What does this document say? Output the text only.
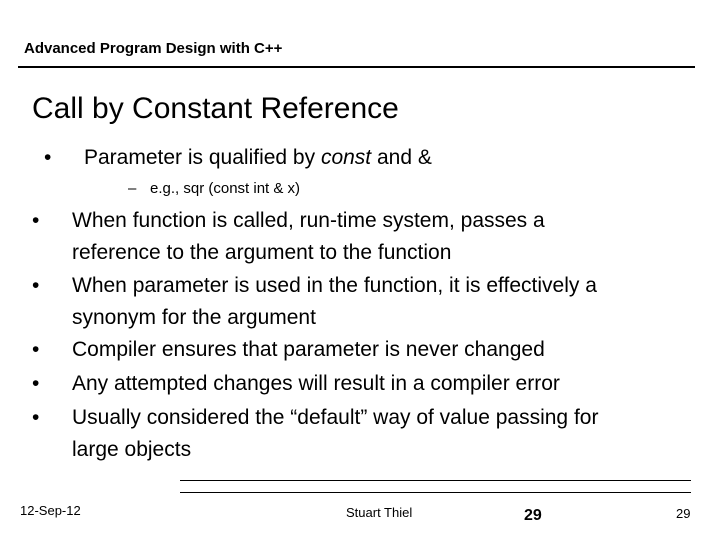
Advanced Program Design with C++
Call by Constant Reference
• Parameter is qualified by const and &
– e.g., sqr (const int & x)
• When function is called, run-time system, passes a
reference to the argument to the function
• When parameter is used in the function, it is effectively a
synonym for the argument
• Compiler ensures that parameter is never changed
• Any attempted changes will result in a compiler error
• Usually considered the “default” way of value passing for
large objects
12-Sep-12	Stuart Thiel	29	29
